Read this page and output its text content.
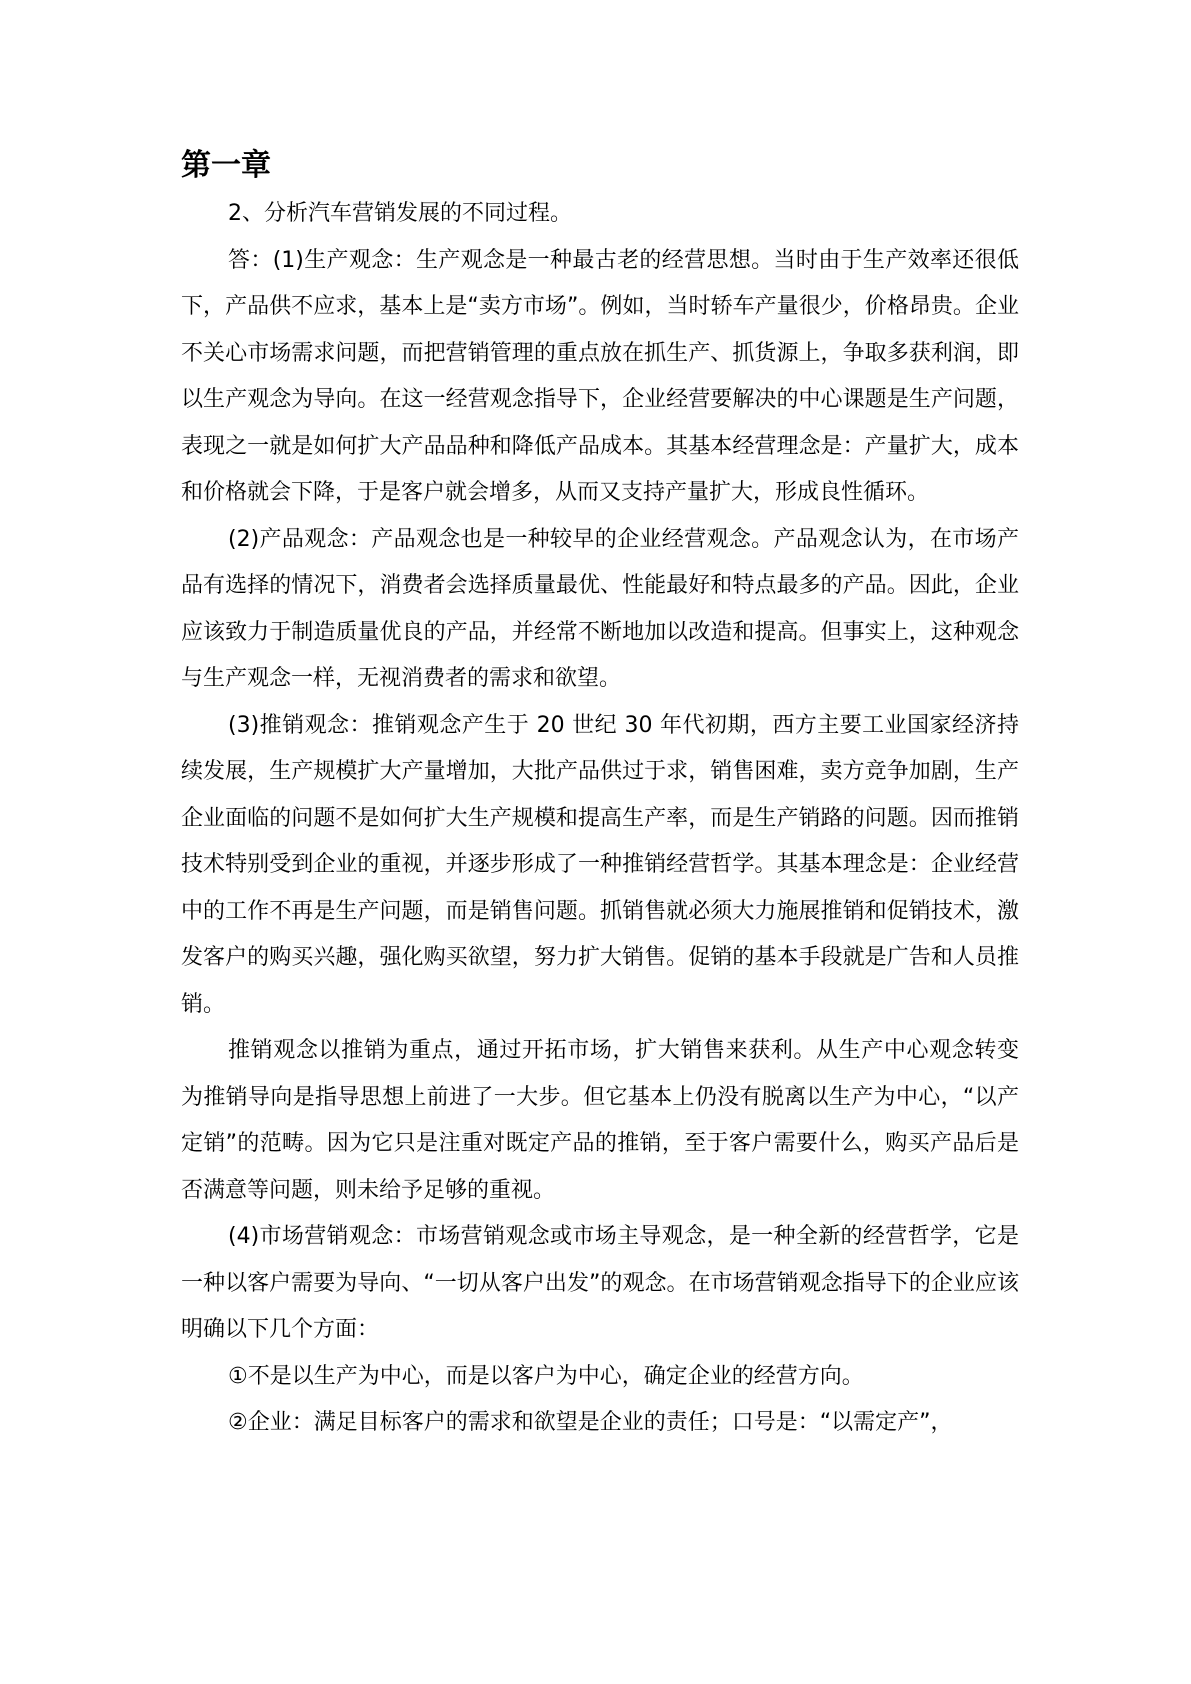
第一章

2、分析汽车营销发展的不同过程。

答：(1)生产观念：生产观念是一种最古老的经营思想。当时由于生产效率还很低下，产品供不应求，基本上是“卖方市场”。例如，当时轿车产量很少，价格昂贵。企业不关心市场需求问题，而把营销管理的重点放在抓生产、抓货源上，争取多获利润，即以生产观念为导向。在这一经营观念指导下，企业经营要解决的中心课题是生产问题，表现之一就是如何扩大产品品种和降低产品成本。其基本经营理念是：产量扩大，成本和价格就会下降，于是客户就会增多，从而又支持产量扩大，形成良性循环。

(2)产品观念：产品观念也是一种较早的企业经营观念。产品观念认为，在市场产品有选择的情况下，消费者会选择质量最优、性能最好和特点最多的产品。因此，企业应该致力于制造质量优良的产品，并经常不断地加以改造和提高。但事实上，这种观念与生产观念一样，无视消费者的需求和欲望。

(3)推销观念：推销观念产生于 20 世纪 30 年代初期，西方主要工业国家经济持续发展，生产规模扩大产量增加，大批产品供过于求，销售困难，卖方竞争加剧，生产企业面临的问题不是如何扩大生产规模和提高生产率，而是生产销路的问题。因而推销技术特别受到企业的重视，并逐步形成了一种推销经营哲学。其基本理念是：企业经营中的工作不再是生产问题，而是销售问题。抓销售就必须大力施展推销和促销技术，激发客户的购买兴趣，强化购买欲望，努力扩大销售。促销的基本手段就是广告和人员推销。

推销观念以推销为重点，通过开拓市场，扩大销售来获利。从生产中心观念转变为推销导向是指导思想上前进了一大步。但它基本上仍没有脱离以生产为中心，“以产定销”的范畴。因为它只是注重对既定产品的推销，至于客户需要什么，购买产品后是否满意等问题，则未给予足够的重视。

(4)市场营销观念：市场营销观念或市场主导观念，是一种全新的经营哲学，它是一种以客户需要为导向、“一切从客户出发”的观念。在市场营销观念指导下的企业应该明确以下几个方面：

①不是以生产为中心，而是以客户为中心，确定企业的经营方向。

②企业：满足目标客户的需求和欲望是企业的责任；口号是：“以需定产”，
